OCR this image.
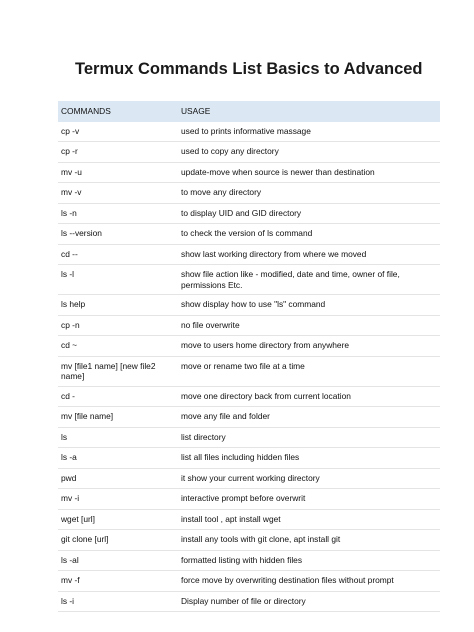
Termux Commands List Basics to Advanced
COMMANDS	USAGE
cp -v	used to prints informative massage
cp -r	used to copy any directory
mv -u	update-move when source is newer than destination
mv -v	to move any directory
ls -n	to display UID and GID directory
ls --version	to check the version of ls command
cd --	show last working directory from where we moved
ls -l	show file action like - modified, date and time, owner of file, permissions Etc.
ls help	show display how to use "ls" command
cp -n	no file overwrite
cd ~	move to users home directory from anywhere
mv [file1 name] [new file2 name]	move or rename two file at a time
cd -	move one directory back from current location
mv [file name]	move any file and folder
ls	list directory
ls -a	list all files including hidden files
pwd	it show your current working directory
mv -i	interactive prompt before overwrit
wget [url]	install tool , apt install wget
git clone [url]	install any tools with git clone, apt install git
ls -al	formatted listing with hidden files
mv -f	force move by overwriting destination files without prompt
ls -i	Display number of file or directory
